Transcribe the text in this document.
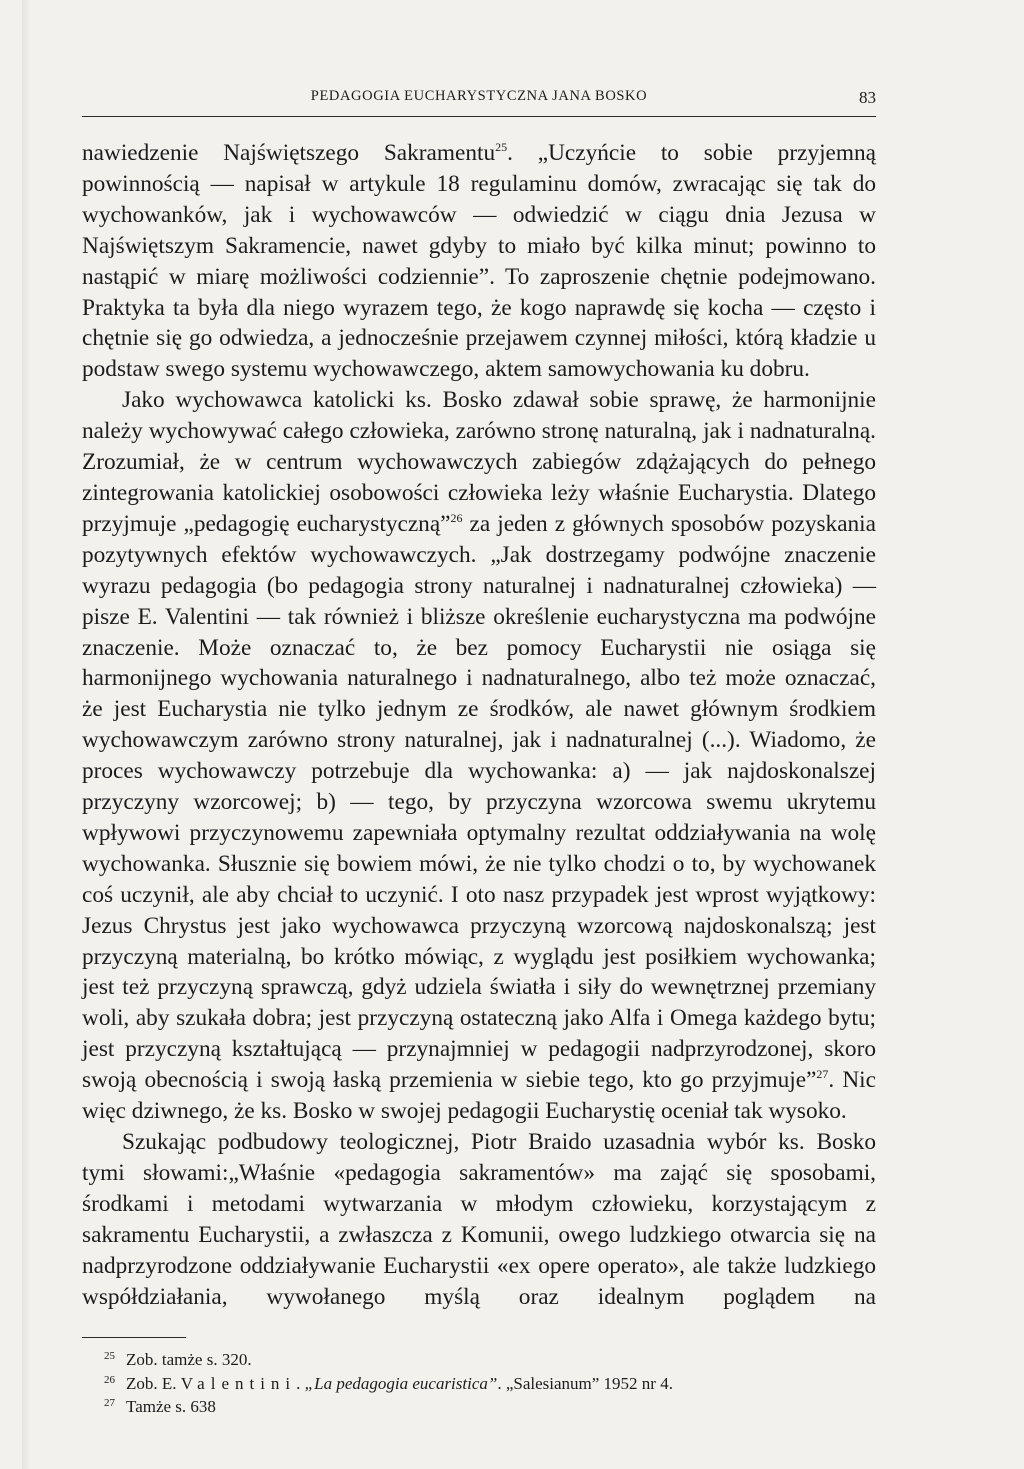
PEDAGOGIA EUCHARYSTYCZNA JANA BOSKO	83

nawiedzenie Najświętszego Sakramentu$^{25}$. „Uczyńcie to sobie przyjemną powinnością — napisał w artykule 18 regulaminu domów, zwracając się tak do wychowanków, jak i wychowawców — odwiedzić w ciągu dnia Jezusa w Najświętszym Sakramencie, nawet gdyby to miało być kilka minut; powinno to nastąpić w miarę możliwości codziennie”. To zaproszenie chętnie podejmowano. Praktyka ta była dla niego wyrazem tego, że kogo naprawdę się kocha — często i chętnie się go odwiedza, a jednocześnie przejawem czynnej miłości, którą kładzie u podstaw swego systemu wychowawczego, aktem samowychowania ku dobru.

Jako wychowawca katolicki ks. Bosko zdawał sobie sprawę, że harmonijnie należy wychowywać całego człowieka, zarówno stronę naturalną, jak i nadnaturalną. Zrozumiał, że w centrum wychowawczych zabiegów zdążających do pełnego zintegrowania katolickiej osobowości człowieka leży właśnie Eucharystia. Dlatego przyjmuje „pedagogię eucharystyczną”$^{26}$ za jeden z głównych sposobów pozyskania pozytywnych efektów wychowawczych. „Jak dostrzegamy podwójne znaczenie wyrazu pedagogia (bo pedagogia strony naturalnej i nadnaturalnej człowieka) — pisze E. Valentini — tak również i bliższe określenie eucharystyczna ma podwójne znaczenie. Może oznaczać to, że bez pomocy Eucharystii nie osiąga się harmonijnego wychowania naturalnego i nadnaturalnego, albo też może oznaczać, że jest Eucharystia nie tylko jednym ze środków, ale nawet głównym środkiem wychowawczym zarówno strony naturalnej, jak i nadnaturalnej (...). Wiadomo, że proces wychowawczy potrzebuje dla wychowanka: a) — jak najdoskonalszej przyczyny wzorcowej; b) — tego, by przyczyna wzorcowa swemu ukrytemu wpływowi przyczynowemu zapewniała optymalny rezultat oddziaływania na wolę wychowanka. Słusznie się bowiem mówi, że nie tylko chodzi o to, by wychowanek coś uczynił, ale aby chciał to uczynić. I oto nasz przypadek jest wprost wyjątkowy: Jezus Chrystus jest jako wychowawca przyczyną wzorcową najdoskonalszą; jest przyczyną materialną, bo krótko mówiąc, z wyglądu jest posiłkiem wychowanka; jest też przyczyną sprawczą, gdyż udziela światła i siły do wewnętrznej przemiany woli, aby szukała dobra; jest przyczyną ostateczną jako Alfa i Omega każdego bytu; jest przyczyną kształtującą — przynajmniej w pedagogii nadprzyrodzonej, skoro swoją obecnością i swoją łaską przemienia w siebie tego, kto go przyjmuje”$^{27}$. Nic więc dziwnego, że ks. Bosko w swojej pedagogii Eucharystię oceniał tak wysoko.

Szukając podbudowy teologicznej, Piotr Braido uzasadnia wybór ks. Bosko tymi słowami:„Właśnie «pedagogia sakramentów» ma zająć się sposobami, środkami i metodami wytwarzania w młodym człowieku, korzystającym z sakramentu Eucharystii, a zwłaszcza z Komunii, owego ludzkiego otwarcia się na nadprzyrodzone oddziaływanie Eucharystii «ex opere operato», ale także ludzkiego współdziałania, wywołanego myślą oraz idealnym poglądem na

25 Zob. tamże s. 320.
26 Zob. E. Valentini. „La pedagogia eucaristica”. „Salesianum” 1952 nr 4.
27 Tamże s. 638
